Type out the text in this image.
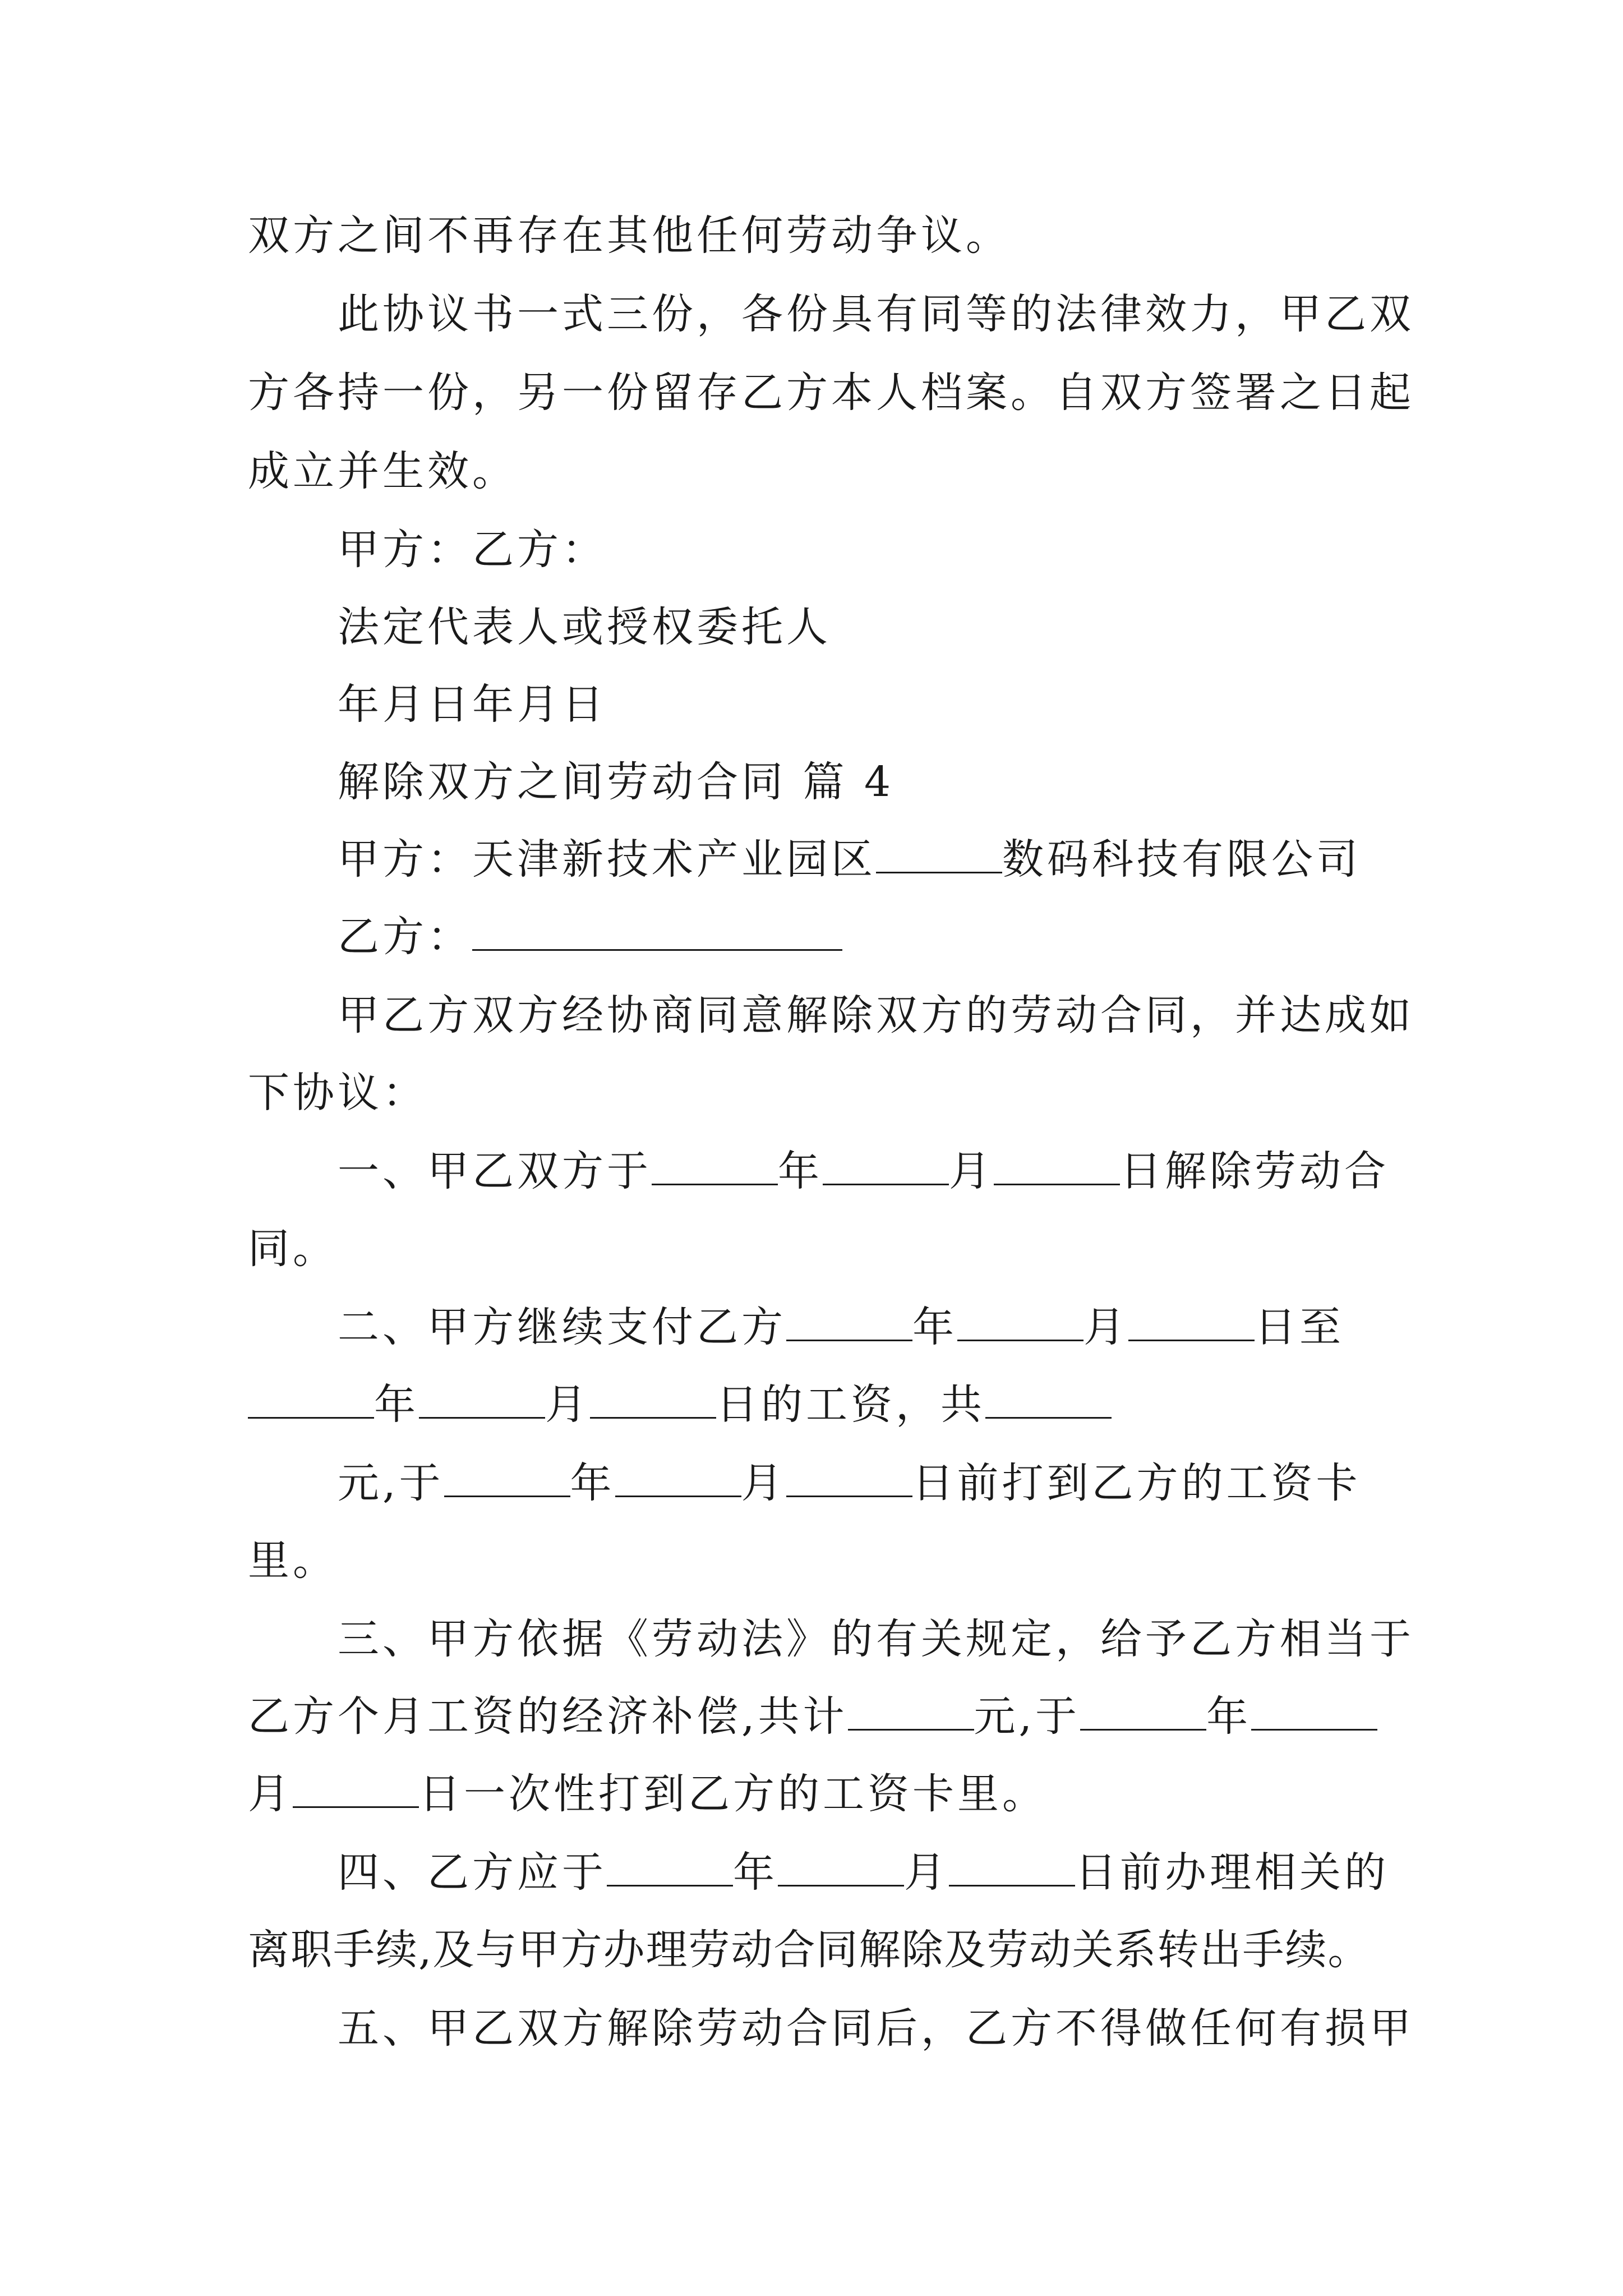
双方之间不再存在其他任何劳动争议。
此协议书一式三份，各份具有同等的法律效力，甲乙双
方各持一份，另一份留存乙方本人档案。自双方签署之日起
成立并生效。
甲方：乙方：
法定代表人或授权委托人
年月日年月日
解除双方之间劳动合同 篇 4
甲方：天津新技术产业园区	数码科技有限公司
乙方：
甲乙方双方经协商同意解除双方的劳动合同，并达成如
下协议：
一、甲乙双方于	年	月	日解除劳动合
同。
二、甲方继续支付乙方	年	月	日至
年	月	日的工资，共
元,于	年	月	日前打到乙方的工资卡
里。
三、甲方依据《劳动法》的有关规定，给予乙方相当于
乙方个月工资的经济补偿,共计	元,于	年
月	日一次性打到乙方的工资卡里。
四、乙方应于	年	月	日前办理相关的
离职手续,及与甲方办理劳动合同解除及劳动关系转出手续。
五、甲乙双方解除劳动合同后，乙方不得做任何有损甲
